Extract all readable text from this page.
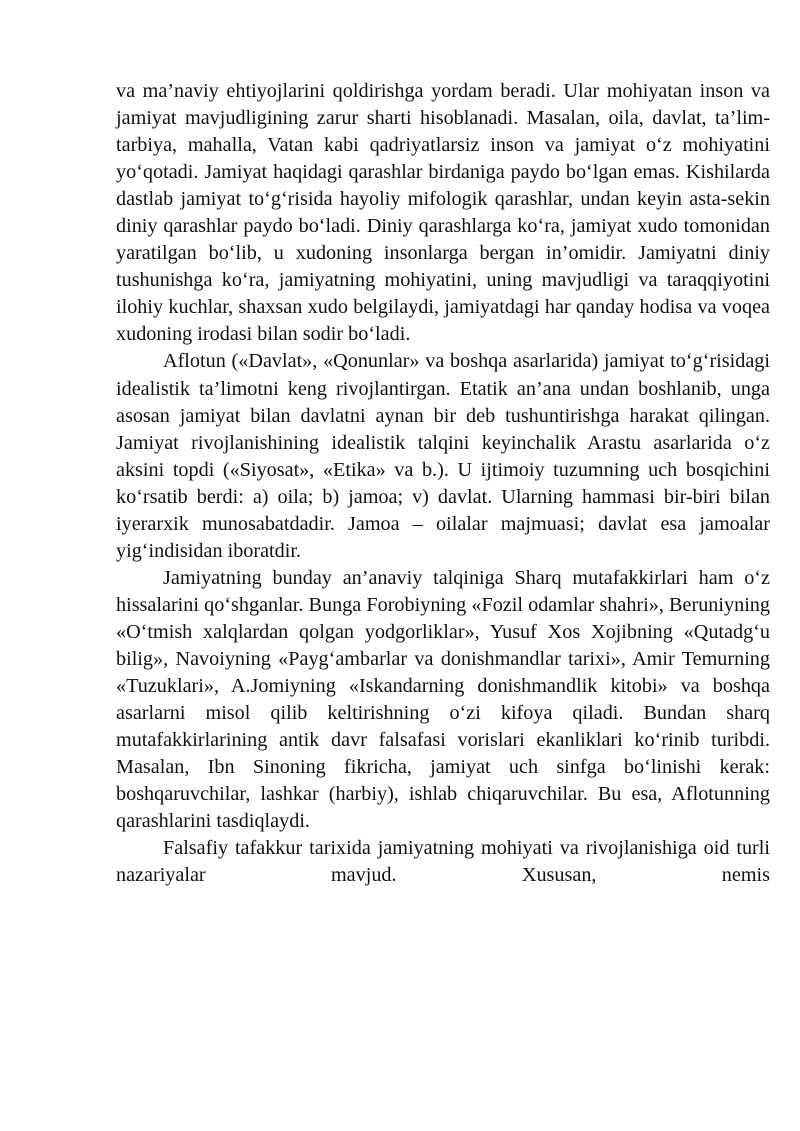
va ma’naviy ehtiyojlarini qoldirishga yordam beradi. Ular mohiyatan inson va jamiyat mavjudligining zarur sharti hisoblanadi. Masalan, oila, davlat, ta’lim-tarbiya, mahalla, Vatan kabi qadriyatlarsiz inson va jamiyat o‘z mohiyatini yo‘qotadi. Jamiyat haqidagi qarashlar birdaniga paydo bo‘lgan emas. Kishilarda dastlab jamiyat to‘g‘risida hayoliy mifologik qarashlar, undan keyin asta-sekin diniy qarashlar paydo bo‘ladi. Diniy qarashlarga ko‘ra, jamiyat xudo tomonidan yaratilgan bo‘lib, u xudoning insonlarga bergan in’omidir. Jamiyatni diniy tushunishga ko‘ra, jamiyatning mohiyatini, uning mavjudligi va taraqqiyotini ilohiy kuchlar, shaxsan xudo belgilaydi, jamiyatdagi har qanday hodisa va voqea xudoning irodasi bilan sodir bo‘ladi.

Aflotun («Davlat», «Qonunlar» va boshqa asarlarida) jamiyat to‘g‘risidagi idealistik ta’limotni keng rivojlantirgan. Etatik an’ana undan boshlanib, unga asosan jamiyat bilan davlatni aynan bir deb tushuntirishga harakat qilingan. Jamiyat rivojlanishining idealistik talqini keyinchalik Arastu asarlarida o‘z aksini topdi («Siyosat», «Etika» va b.). U ijtimoiy tuzumning uch bosqichini ko‘rsatib berdi: a) oila; b) jamoa; v) davlat. Ularning hammasi bir-biri bilan iyerarxik munosabatdadir. Jamoa – oilalar majmuasi; davlat esa jamoalar yig‘indisidan iboratdir.

Jamiyatning bunday an’anaviy talqiniga Sharq mutafakkirlari ham o‘z hissalarini qo‘shganlar. Bunga Forobiyning «Fozil odamlar shahri», Beruniyning «O‘tmish xalqlardan qolgan yodgorliklar», Yusuf Xos Xojibning «Qutadg‘u bilig», Navoiyning «Payg‘ambarlar va donishmandlar tarixi», Amir Temurning «Tuzuklari», A.Jomiyning «Iskandarning donishmandlik kitobi» va boshqa asarlarni misol qilib keltirishning o‘zi kifoya qiladi. Bundan sharq mutafakkirlarining antik davr falsafasi vorislari ekanliklari ko‘rinib turibdi. Masalan, Ibn Sinoning fikricha, jamiyat uch sinfga bo‘linishi kerak: boshqaruvchilar, lashkar (harbiy), ishlab chiqaruvchilar. Bu esa, Aflotunning qarashlarini tasdiqlaydi.

Falsafiy tafakkur tarixida jamiyatning mohiyati va rivojlanishiga oid turli nazariyalar mavjud. Xususan, nemis
